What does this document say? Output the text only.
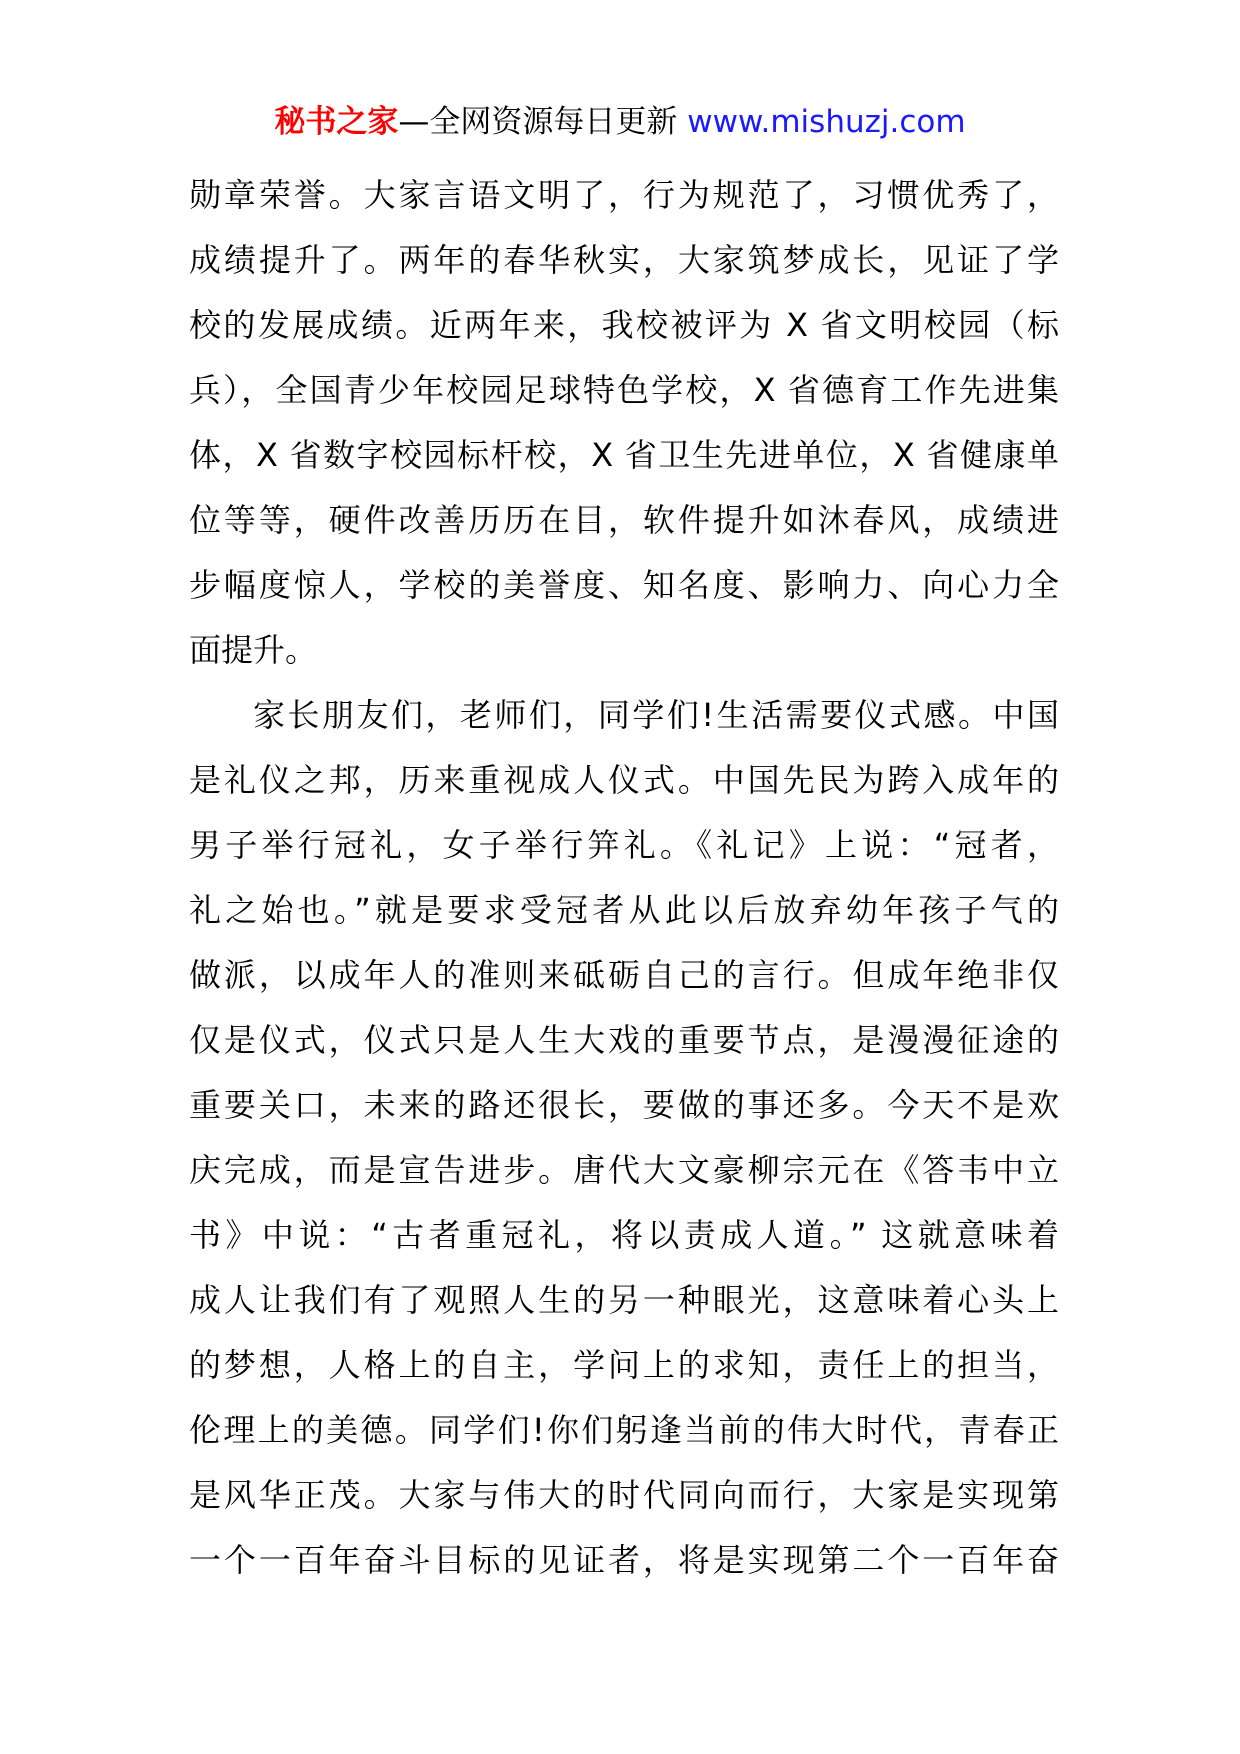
秘书之家—全网资源每日更新 www.mishuzj.com
勋章荣誉。大家言语文明了，行为规范了，习惯优秀了，
成绩提升了。两年的春华秋实，大家筑梦成长，见证了学
校的发展成绩。近两年来，我校被评为 X 省文明校园（标
兵），全国青少年校园足球特色学校，X 省德育工作先进集
体，X 省数字校园标杆校，X 省卫生先进单位，X 省健康单
位等等，硬件改善历历在目，软件提升如沐春风，成绩进
步幅度惊人，学校的美誉度、知名度、影响力、向心力全
面提升。
家长朋友们，老师们，同学们!生活需要仪式感。中国
是礼仪之邦，历来重视成人仪式。中国先民为跨入成年的
男子举行冠礼，女子举行笄礼。《礼记》上说：“冠者，
礼之始也。”就是要求受冠者从此以后放弃幼年孩子气的
做派，以成年人的准则来砥砺自己的言行。但成年绝非仅
仅是仪式，仪式只是人生大戏的重要节点，是漫漫征途的
重要关口，未来的路还很长，要做的事还多。今天不是欢
庆完成，而是宣告进步。唐代大文豪柳宗元在《答韦中立
书》中说：“古者重冠礼，将以责成人道。” 这就意味着
成人让我们有了观照人生的另一种眼光，这意味着心头上
的梦想，人格上的自主，学问上的求知，责任上的担当，
伦理上的美德。同学们!你们躬逢当前的伟大时代，青春正
是风华正茂。大家与伟大的时代同向而行，大家是实现第
一个一百年奋斗目标的见证者，将是实现第二个一百年奋
